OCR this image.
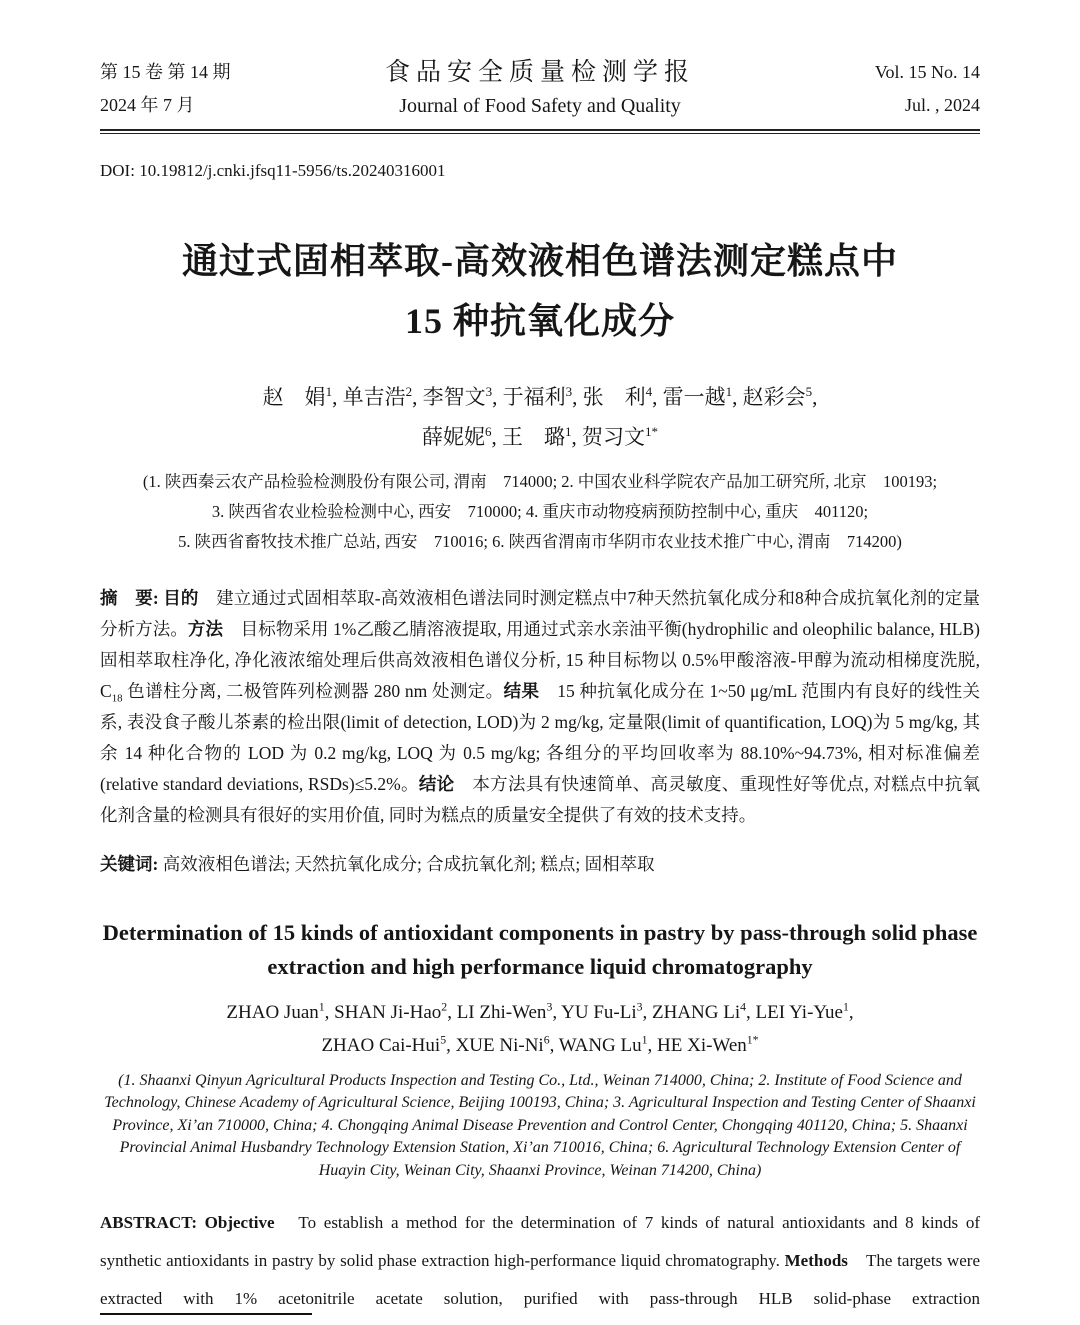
第 15 卷 第 14 期
2024 年 7 月
食品安全质量检测学报
Journal of Food Safety and Quality
Vol. 15 No. 14
Jul. , 2024
DOI: 10.19812/j.cnki.jfsq11-5956/ts.20240316001
通过式固相萃取-高效液相色谱法测定糕点中
15 种抗氧化成分
赵　娟$^1$, 单吉浩$^2$, 李智文$^3$, 于福利$^3$, 张　利$^4$, 雷一越$^1$, 赵彩会$^5$,
薛妮妮$^6$, 王　璐$^1$, 贺习文$^{1*}$
(1. 陕西秦云农产品检验检测股份有限公司, 渭南　714000; 2. 中国农业科学院农产品加工研究所, 北京　100193;
3. 陕西省农业检验检测中心, 西安　710000; 4. 重庆市动物疫病预防控制中心, 重庆　401120;
5. 陕西省畜牧技术推广总站, 西安　710016; 6. 陕西省渭南市华阴市农业技术推广中心, 渭南　714200)

摘　要: 目的　建立通过式固相萃取-高效液相色谱法同时测定糕点中7种天然抗氧化成分和8种合成抗氧化剂的定量分析方法。方法　目标物采用 1%乙酸乙腈溶液提取, 用通过式亲水亲油平衡(hydrophilic and oleophilic balance, HLB)固相萃取柱净化, 净化液浓缩处理后供高效液相色谱仪分析, 15 种目标物以 0.5%甲酸溶液-甲醇为流动相梯度洗脱, $C_{18}$ 色谱柱分离, 二极管阵列检测器 280 nm 处测定。结果　15 种抗氧化成分在 1~50 μg/mL 范围内有良好的线性关系, 表没食子酸儿茶素的检出限(limit of detection, LOD)为 2 mg/kg, 定量限(limit of quantification, LOQ)为 5 mg/kg, 其余 14 种化合物的 LOD 为 0.2 mg/kg, LOQ 为 0.5 mg/kg; 各组分的平均回收率为 88.10%~94.73%, 相对标准偏差(relative standard deviations, RSDs)≤5.2%。结论　本方法具有快速简单、高灵敏度、重现性好等优点, 对糕点中抗氧化剂含量的检测具有很好的实用价值, 同时为糕点的质量安全提供了有效的技术支持。

关键词: 高效液相色谱法; 天然抗氧化成分; 合成抗氧化剂; 糕点; 固相萃取

Determination of 15 kinds of antioxidant components in pastry by pass-through solid phase extraction and high performance liquid chromatography
ZHAO Juan$^1$, SHAN Ji-Hao$^2$, LI Zhi-Wen$^3$, YU Fu-Li$^3$, ZHANG Li$^4$, LEI Yi-Yue$^1$,
ZHAO Cai-Hui$^5$, XUE Ni-Ni$^6$, WANG Lu$^1$, HE Xi-Wen$^{1*}$
(1. Shaanxi Qinyun Agricultural Products Inspection and Testing Co., Ltd., Weinan 714000, China; 2. Institute of Food Science and Technology, Chinese Academy of Agricultural Science, Beijing 100193, China; 3. Agricultural Inspection and Testing Center of Shaanxi Province, Xi’an 710000, China; 4. Chongqing Animal Disease Prevention and Control Center, Chongqing 401120, China; 5. Shaanxi Provincial Animal Husbandry Technology Extension Station, Xi’an 710016, China; 6. Agricultural Technology Extension Center of Huayin City, Weinan City, Shaanxi Province, Weinan 714200, China)

ABSTRACT: Objective　To establish a method for the determination of 7 kinds of natural antioxidants and 8 kinds of synthetic antioxidants in pastry by solid phase extraction high-performance liquid chromatography. Methods　The targets were extracted with 1% acetonitrile acetate solution, purified with pass-through HLB solid-phase extraction
